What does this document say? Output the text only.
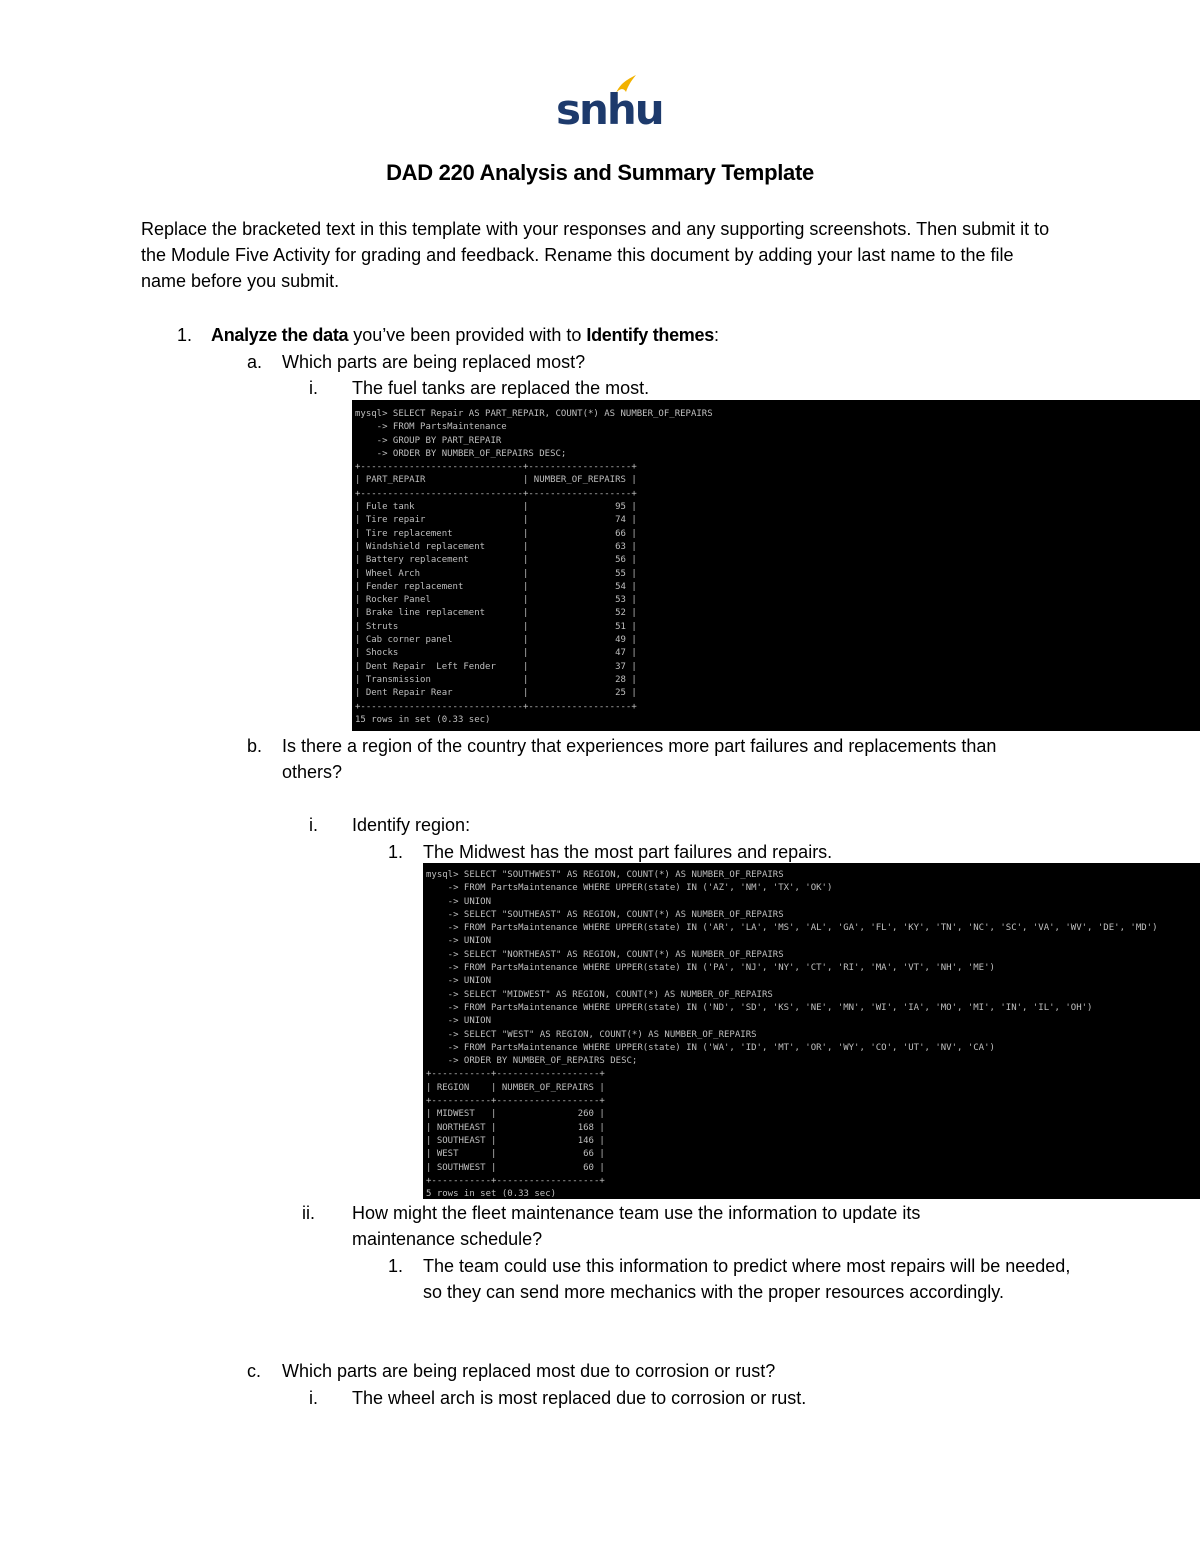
snhu
DAD 220 Analysis and Summary Template
Replace the bracketed text in this template with your responses and any supporting screenshots. Then submit it to the Module Five Activity for grading and feedback. Rename this document by adding your last name to the file name before you submit.
1. Analyze the data you’ve been provided with to Identify themes:
a. Which parts are being replaced most?
i. The fuel tanks are replaced the most.
mysql> SELECT Repair AS PART_REPAIR, COUNT(*) AS NUMBER_OF_REPAIRS
-> FROM PartsMaintenance
-> GROUP BY PART_REPAIR
-> ORDER BY NUMBER_OF_REPAIRS DESC;
+------------------------------+-------------------+
| PART_REPAIR                  | NUMBER_OF_REPAIRS |
+------------------------------+-------------------+
| Fule tank                    |                95 |
| Tire repair                  |                74 |
| Tire replacement             |                66 |
| Windshield replacement       |                63 |
| Battery replacement          |                56 |
| Wheel Arch                   |                55 |
| Fender replacement           |                54 |
| Rocker Panel                 |                53 |
| Brake line replacement       |                52 |
| Struts                       |                51 |
| Cab corner panel             |                49 |
| Shocks                       |                47 |
| Dent Repair  Left Fender     |                37 |
| Transmission                 |                28 |
| Dent Repair Rear             |                25 |
+------------------------------+-------------------+
15 rows in set (0.33 sec)
b. Is there a region of the country that experiences more part failures and replacements than others?
i. Identify region:
1. The Midwest has the most part failures and repairs.
mysql> SELECT "SOUTHWEST" AS REGION, COUNT(*) AS NUMBER_OF_REPAIRS
-> FROM PartsMaintenance WHERE UPPER(state) IN ('AZ', 'NM', 'TX', 'OK')
-> UNION
-> SELECT "SOUTHEAST" AS REGION, COUNT(*) AS NUMBER_OF_REPAIRS
-> FROM PartsMaintenance WHERE UPPER(state) IN ('AR', 'LA', 'MS', 'AL', 'GA', 'FL', 'KY', 'TN', 'NC', 'SC', 'VA', 'WV', 'DE', 'MD')
-> UNION
-> SELECT "NORTHEAST" AS REGION, COUNT(*) AS NUMBER_OF_REPAIRS
-> FROM PartsMaintenance WHERE UPPER(state) IN ('PA', 'NJ', 'NY', 'CT', 'RI', 'MA', 'VT', 'NH', 'ME')
-> UNION
-> SELECT "MIDWEST" AS REGION, COUNT(*) AS NUMBER_OF_REPAIRS
-> FROM PartsMaintenance WHERE UPPER(state) IN ('ND', 'SD', 'KS', 'NE', 'MN', 'WI', 'IA', 'MO', 'MI', 'IN', 'IL', 'OH')
-> UNION
-> SELECT "WEST" AS REGION, COUNT(*) AS NUMBER_OF_REPAIRS
-> FROM PartsMaintenance WHERE UPPER(state) IN ('WA', 'ID', 'MT', 'OR', 'WY', 'CO', 'UT', 'NV', 'CA')
-> ORDER BY NUMBER_OF_REPAIRS DESC;
+-----------+-------------------+
| REGION    | NUMBER_OF_REPAIRS |
+-----------+-------------------+
| MIDWEST   |               260 |
| NORTHEAST |               168 |
| SOUTHEAST |               146 |
| WEST      |                66 |
| SOUTHWEST |                60 |
+-----------+-------------------+
5 rows in set (0.33 sec)
ii. How might the fleet maintenance team use the information to update its maintenance schedule?
1. The team could use this information to predict where most repairs will be needed, so they can send more mechanics with the proper resources accordingly.
c. Which parts are being replaced most due to corrosion or rust?
i. The wheel arch is most replaced due to corrosion or rust.
